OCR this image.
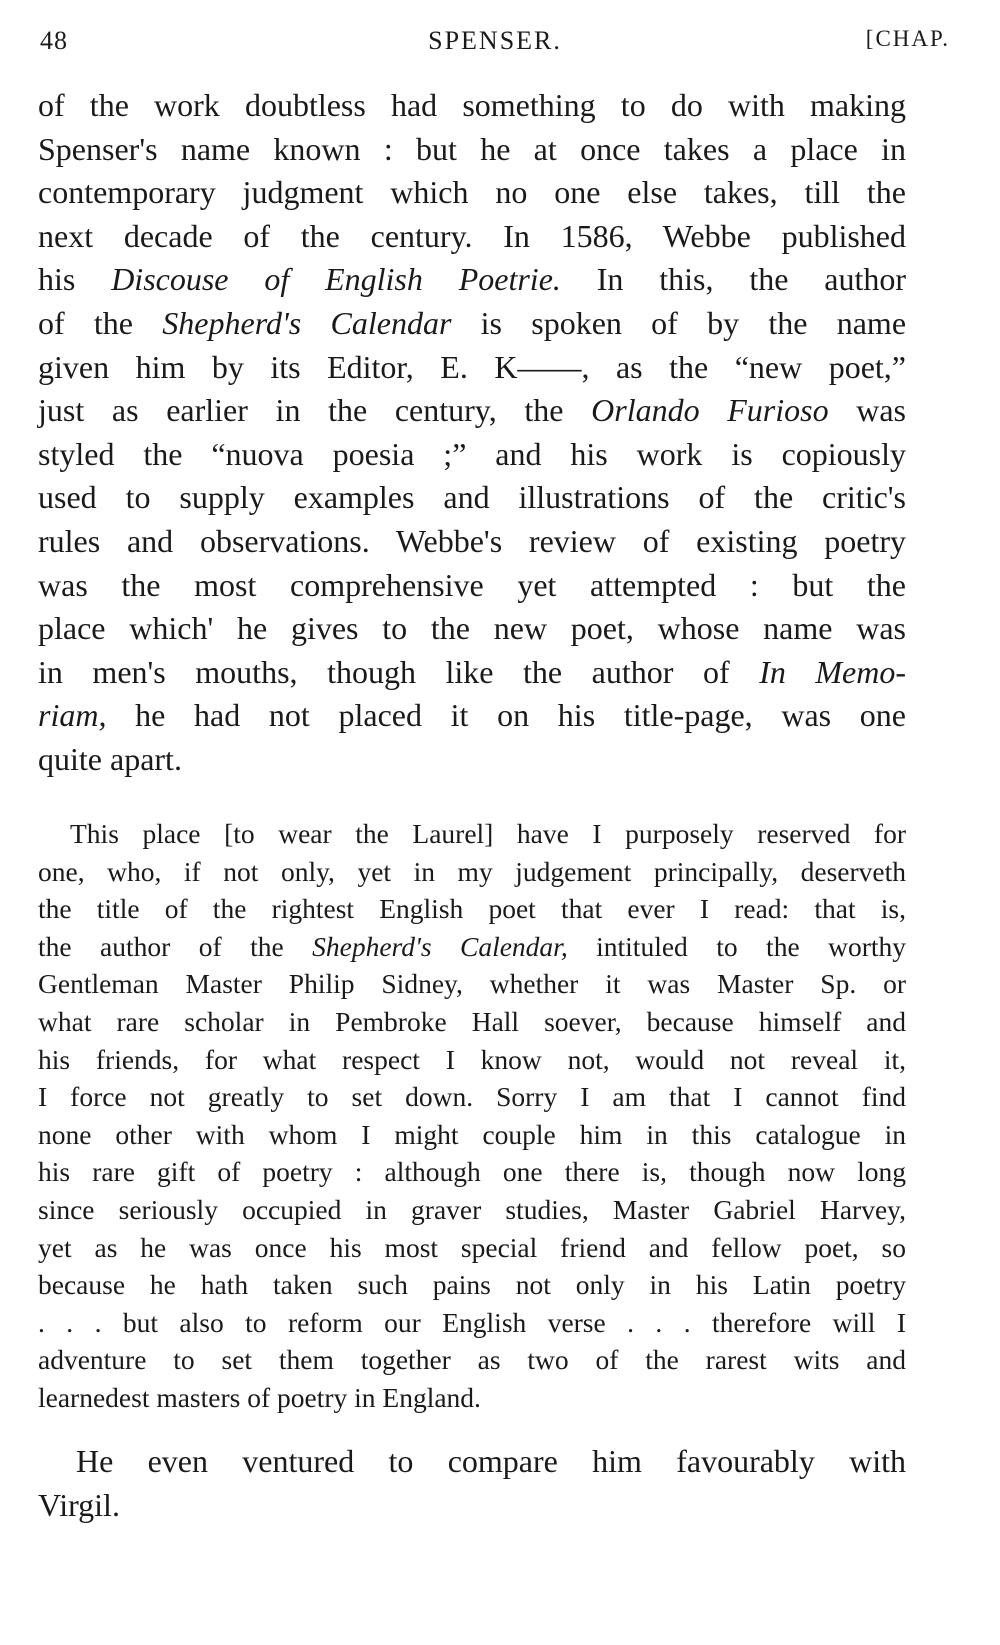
48	SPENSER.	[CHAP.
of the work doubtless had something to do with making
Spenser's name known : but he at once takes a place in
contemporary judgment which no one else takes, till the
next decade of the century. In 1586, Webbe published
his Discouse of English Poetrie. In this, the author
of the Shepherd's Calendar is spoken of by the name
given him by its Editor, E. K——, as the “new poet,”
just as earlier in the century, the Orlando Furioso was
styled the “nuova poesia ;” and his work is copiously
used to supply examples and illustrations of the critic's
rules and observations. Webbe's review of existing poetry
was the most comprehensive yet attempted : but the
place which' he gives to the new poet, whose name was
in men's mouths, though like the author of In Memo-
riam, he had not placed it on his title-page, was one
quite apart.
This place [to wear the Laurel] have I purposely reserved for
one, who, if not only, yet in my judgement principally, deserveth
the title of the rightest English poet that ever I read: that is,
the author of the Shepherd's Calendar, intituled to the worthy
Gentleman Master Philip Sidney, whether it was Master Sp. or
what rare scholar in Pembroke Hall soever, because himself and
his friends, for what respect I know not, would not reveal it,
I force not greatly to set down. Sorry I am that I cannot find
none other with whom I might couple him in this catalogue in
his rare gift of poetry : although one there is, though now long
since seriously occupied in graver studies, Master Gabriel Harvey,
yet as he was once his most special friend and fellow poet, so
because he hath taken such pains not only in his Latin poetry
. . . but also to reform our English verse . . . therefore will I
adventure to set them together as two of the rarest wits and
learnedest masters of poetry in England.
He even ventured to compare him favourably with
Virgil.
